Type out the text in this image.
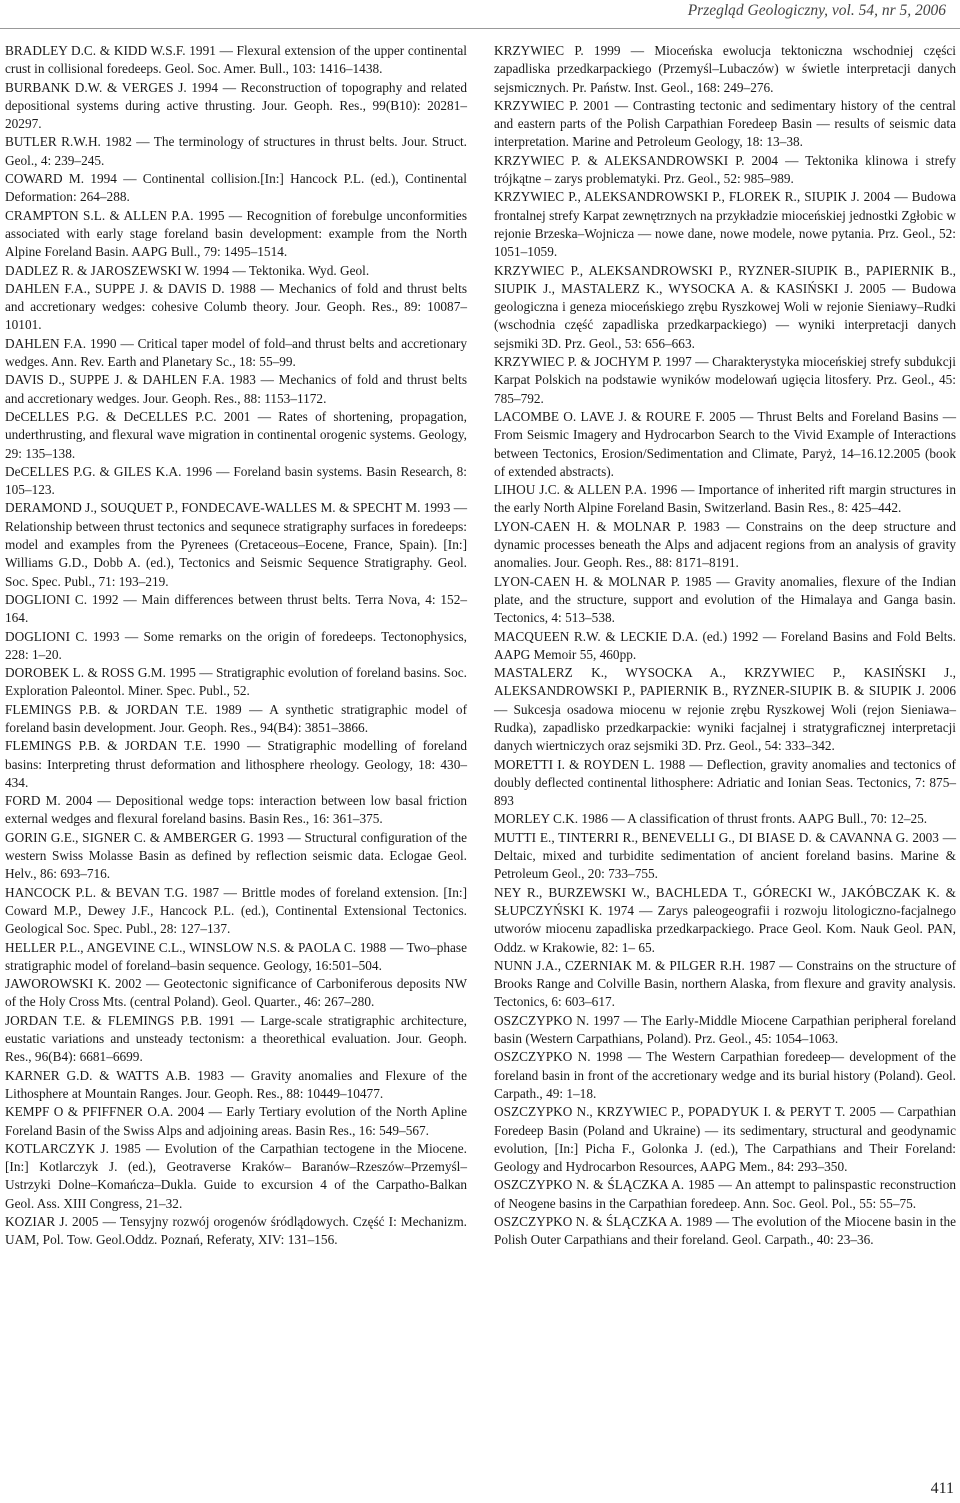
Przegląd Geologiczny, vol. 54, nr 5, 2006

BRADLEY D.C. & KIDD W.S.F. 1991 — Flexural extension of the upper continental crust in collisional foredeeps. Geol. Soc. Amer. Bull., 103: 1416–1438.

BURBANK D.W. & VERGES J. 1994 — Reconstruction of topography and related depositional systems during active thrusting. Jour. Geoph. Res., 99(B10): 20281–20297.

BUTLER R.W.H. 1982 — The terminology of structures in thrust belts. Jour. Struct. Geol., 4: 239–245.

COWARD M. 1994 — Continental collision.[In:] Hancock P.L. (ed.), Continental Deformation: 264–288.

CRAMPTON S.L. & ALLEN P.A. 1995 — Recognition of forebulge unconformities associated with early stage foreland basin development: example from the North Alpine Foreland Basin. AAPG Bull., 79: 1495–1514.

DADLEZ R. & JAROSZEWSKI W. 1994 — Tektonika. Wyd. Geol.

DAHLEN F.A., SUPPE J. & DAVIS D. 1988 — Mechanics of fold and thrust belts and accretionary wedges: cohesive Columb theory. Jour. Geoph. Res., 89: 10087–10101.

DAHLEN F.A. 1990 — Critical taper model of fold–and thrust belts and accretionary wedges. Ann. Rev. Earth and Planetary Sc., 18: 55–99.

DAVIS D., SUPPE J. & DAHLEN F.A. 1983 — Mechanics of fold and thrust belts and accretionary wedges. Jour. Geoph. Res., 88: 1153–1172.

DeCELLES P.G. & DeCELLES P.C. 2001 — Rates of shortening, propagation, underthrusting, and flexural wave migration in continental orogenic systems. Geology, 29: 135–138.

DeCELLES P.G. & GILES K.A. 1996 — Foreland basin systems. Basin Research, 8: 105–123.

DERAMOND J., SOUQUET P., FONDECAVE-WALLES M. & SPECHT M. 1993 — Relationship between thrust tectonics and sequnece stratigraphy surfaces in foredeeps: model and examples from the Pyrenees (Cretaceous–Eocene, France, Spain). [In:] Williams G.D., Dobb A. (ed.), Tectonics and Seismic Sequence Stratigraphy. Geol. Soc. Spec. Publ., 71: 193–219.

DOGLIONI C. 1992 — Main differences between thrust belts. Terra Nova, 4: 152–164.

DOGLIONI C. 1993 — Some remarks on the origin of foredeeps. Tectonophysics, 228: 1–20.

DOROBEK L. & ROSS G.M. 1995 — Stratigraphic evolution of foreland basins. Soc. Exploration Paleontol. Miner. Spec. Publ., 52.

FLEMINGS P.B. & JORDAN T.E. 1989 — A synthetic stratigraphic model of foreland basin development. Jour. Geoph. Res., 94(B4): 3851–3866.

FLEMINGS P.B. & JORDAN T.E. 1990 — Stratigraphic modelling of foreland basins: Interpreting thrust deformation and lithosphere rheology. Geology, 18: 430–434.

FORD M. 2004 — Depositional wedge tops: interaction between low basal friction external wedges and flexural foreland basins. Basin Res., 16: 361–375.

GORIN G.E., SIGNER C. & AMBERGER G. 1993 — Structural configuration of the western Swiss Molasse Basin as defined by reflection seismic data. Eclogae Geol. Helv., 86: 693–716.

HANCOCK P.L. & BEVAN T.G. 1987 — Brittle modes of foreland extension. [In:] Coward M.P., Dewey J.F., Hancock P.L. (ed.), Continental Extensional Tectonics. Geological Soc. Spec. Publ., 28: 127–137.

HELLER P.L., ANGEVINE C.L., WINSLOW N.S. & PAOLA C. 1988 — Two–phase stratigraphic model of foreland–basin sequence. Geology, 16:501–504.

JAWOROWSKI K. 2002 — Geotectonic significance of Carboniferous deposits NW of the Holy Cross Mts. (central Poland). Geol. Quarter., 46: 267–280.

JORDAN T.E. & FLEMINGS P.B. 1991 — Large-scale stratigraphic architecture, eustatic variations and unsteady tectonism: a theorethical evaluation. Jour. Geoph. Res., 96(B4): 6681–6699.

KARNER G.D. & WATTS A.B. 1983 — Gravity anomalies and Flexure of the Lithosphere at Mountain Ranges. Jour. Geoph. Res., 88: 10449–10477.

KEMPF O & PFIFFNER O.A. 2004 — Early Tertiary evolution of the North Apline Foreland Basin of the Swiss Alps and adjoining areas. Basin Res., 16: 549–567.

KOTLARCZYK J. 1985 — Evolution of the Carpathian tectogene in the Miocene. [In:] Kotlarczyk J. (ed.), Geotraverse Kraków– Baranów–Rzeszów–Przemyśl–Ustrzyki Dolne–Komańcza–Dukla. Guide to excursion 4 of the Carpatho-Balkan Geol. Ass. XIII Congress, 21–32.

KOZIAR J. 2005 — Tensyjny rozwój orogenów śródlądowych. Część I: Mechanizm. UAM, Pol. Tow. Geol.Oddz. Poznań, Referaty, XIV: 131–156.

KRZYWIEC P. 1999 — Mioceńska ewolucja tektoniczna wschodniej części zapadliska przedkarpackiego (Przemyśl–Lubaczów) w świetle interpretacji danych sejsmicznych. Pr. Państw. Inst. Geol., 168: 249–276.

KRZYWIEC P. 2001 — Contrasting tectonic and sedimentary history of the central and eastern parts of the Polish Carpathian Foredeep Basin — results of seismic data interpretation. Marine and Petroleum Geology, 18: 13–38.

KRZYWIEC P. & ALEKSANDROWSKI P. 2004 — Tektonika klinowa i strefy trójkątne – zarys problematyki. Prz. Geol., 52: 985–989.

KRZYWIEC P., ALEKSANDROWSKI P., FLOREK R., SIUPIK J. 2004 — Budowa frontalnej strefy Karpat zewnętrznych na przykładzie mioceńskiej jednostki Zgłobic w rejonie Brzeska–Wojnicza — nowe dane, nowe modele, nowe pytania. Prz. Geol., 52: 1051–1059.

KRZYWIEC P., ALEKSANDROWSKI P., RYZNER-SIUPIK B., PAPIERNIK B., SIUPIK J., MASTALERZ K., WYSOCKA A. & KASIŃSKI J. 2005 — Budowa geologiczna i geneza mioceńskiego zrębu Ryszkowej Woli w rejonie Sieniawy–Rudki (wschodnia część zapadliska przedkarpackiego) — wyniki interpretacji danych sejsmiki 3D. Prz. Geol., 53: 656–663.

KRZYWIEC P. & JOCHYM P. 1997 — Charakterystyka mioceńskiej strefy subdukcji Karpat Polskich na podstawie wyników modelowań ugięcia litosfery. Prz. Geol., 45: 785–792.

LACOMBE O. LAVE J. & ROURE F. 2005 — Thrust Belts and Foreland Basins — From Seismic Imagery and Hydrocarbon Search to the Vivid Example of Interactions between Tectonics, Erosion/Sedimentation and Climate, Paryż, 14–16.12.2005 (book of extended abstracts).

LIHOU J.C. & ALLEN P.A. 1996 — Importance of inherited rift margin structures in the early North Alpine Foreland Basin, Switzerland. Basin Res., 8: 425–442.

LYON-CAEN H. & MOLNAR P. 1983 — Constrains on the deep structure and dynamic processes beneath the Alps and adjacent regions from an analysis of gravity anomalies. Jour. Geoph. Res., 88: 8171–8191.

LYON-CAEN H. & MOLNAR P. 1985 — Gravity anomalies, flexure of the Indian plate, and the structure, support and evolution of the Himalaya and Ganga basin. Tectonics, 4: 513–538.

MACQUEEN R.W. & LECKIE D.A. (ed.) 1992 — Foreland Basins and Fold Belts. AAPG Memoir 55, 460pp.

MASTALERZ K., WYSOCKA A., KRZYWIEC P., KASIŃSKI J., ALEKSANDROWSKI P., PAPIERNIK B., RYZNER-SIUPIK B. & SIUPIK J. 2006 — Sukcesja osadowa miocenu w rejonie zrębu Ryszkowej Woli (rejon Sieniawa–Rudka), zapadlisko przedkarpackie: wyniki facjalnej i stratygraficznej interpretacji danych wiertniczych oraz sejsmiki 3D. Prz. Geol., 54: 333–342.

MORETTI I. & ROYDEN L. 1988 — Deflection, gravity anomalies and tectonics of doubly deflected continental lithosphere: Adriatic and Ionian Seas. Tectonics, 7: 875–893

MORLEY C.K. 1986 — A classification of thrust fronts. AAPG Bull., 70: 12–25.

MUTTI E., TINTERRI R., BENEVELLI G., DI BIASE D. & CAVANNA G. 2003 — Deltaic, mixed and turbidite sedimentation of ancient foreland basins. Marine & Petroleum Geol., 20: 733–755.

NEY R., BURZEWSKI W., BACHLEDA T., GÓRECKI W., JAKÓBCZAK K. & SŁUPCZYŃSKI K. 1974 — Zarys paleogeografii i rozwoju litologiczno-facjalnego utworów miocenu zapadliska przedkarpackiego. Prace Geol. Kom. Nauk Geol. PAN, Oddz. w Krakowie, 82: 1– 65.

NUNN J.A., CZERNIAK M. & PILGER R.H. 1987 — Constrains on the structure of Brooks Range and Colville Basin, northern Alaska, from flexure and gravity analysis. Tectonics, 6: 603–617.

OSZCZYPKO N. 1997 — The Early-Middle Miocene Carpathian peripheral foreland basin (Western Carpathians, Poland). Prz. Geol., 45: 1054–1063.

OSZCZYPKO N. 1998 — The Western Carpathian foredeep— development of the foreland basin in front of the accretionary wedge and its burial history (Poland). Geol. Carpath., 49: 1–18.

OSZCZYPKO N., KRZYWIEC P., POPADYUK I. & PERYT T. 2005 — Carpathian Foredeep Basin (Poland and Ukraine) — its sedimentary, structural and geodynamic evolution, [In:] Picha F., Golonka J. (ed.), The Carpathians and Their Foreland: Geology and Hydrocarbon Resources, AAPG Mem., 84: 293–350.

OSZCZYPKO N. & ŚLĄCZKA A. 1985 — An attempt to palinspastic reconstruction of Neogene basins in the Carpathian foredeep. Ann. Soc. Geol. Pol., 55: 55–75.

OSZCZYPKO N. & ŚLĄCZKA A. 1989 — The evolution of the Miocene basin in the Polish Outer Carpathians and their foreland. Geol. Carpath., 40: 23–36.

411
